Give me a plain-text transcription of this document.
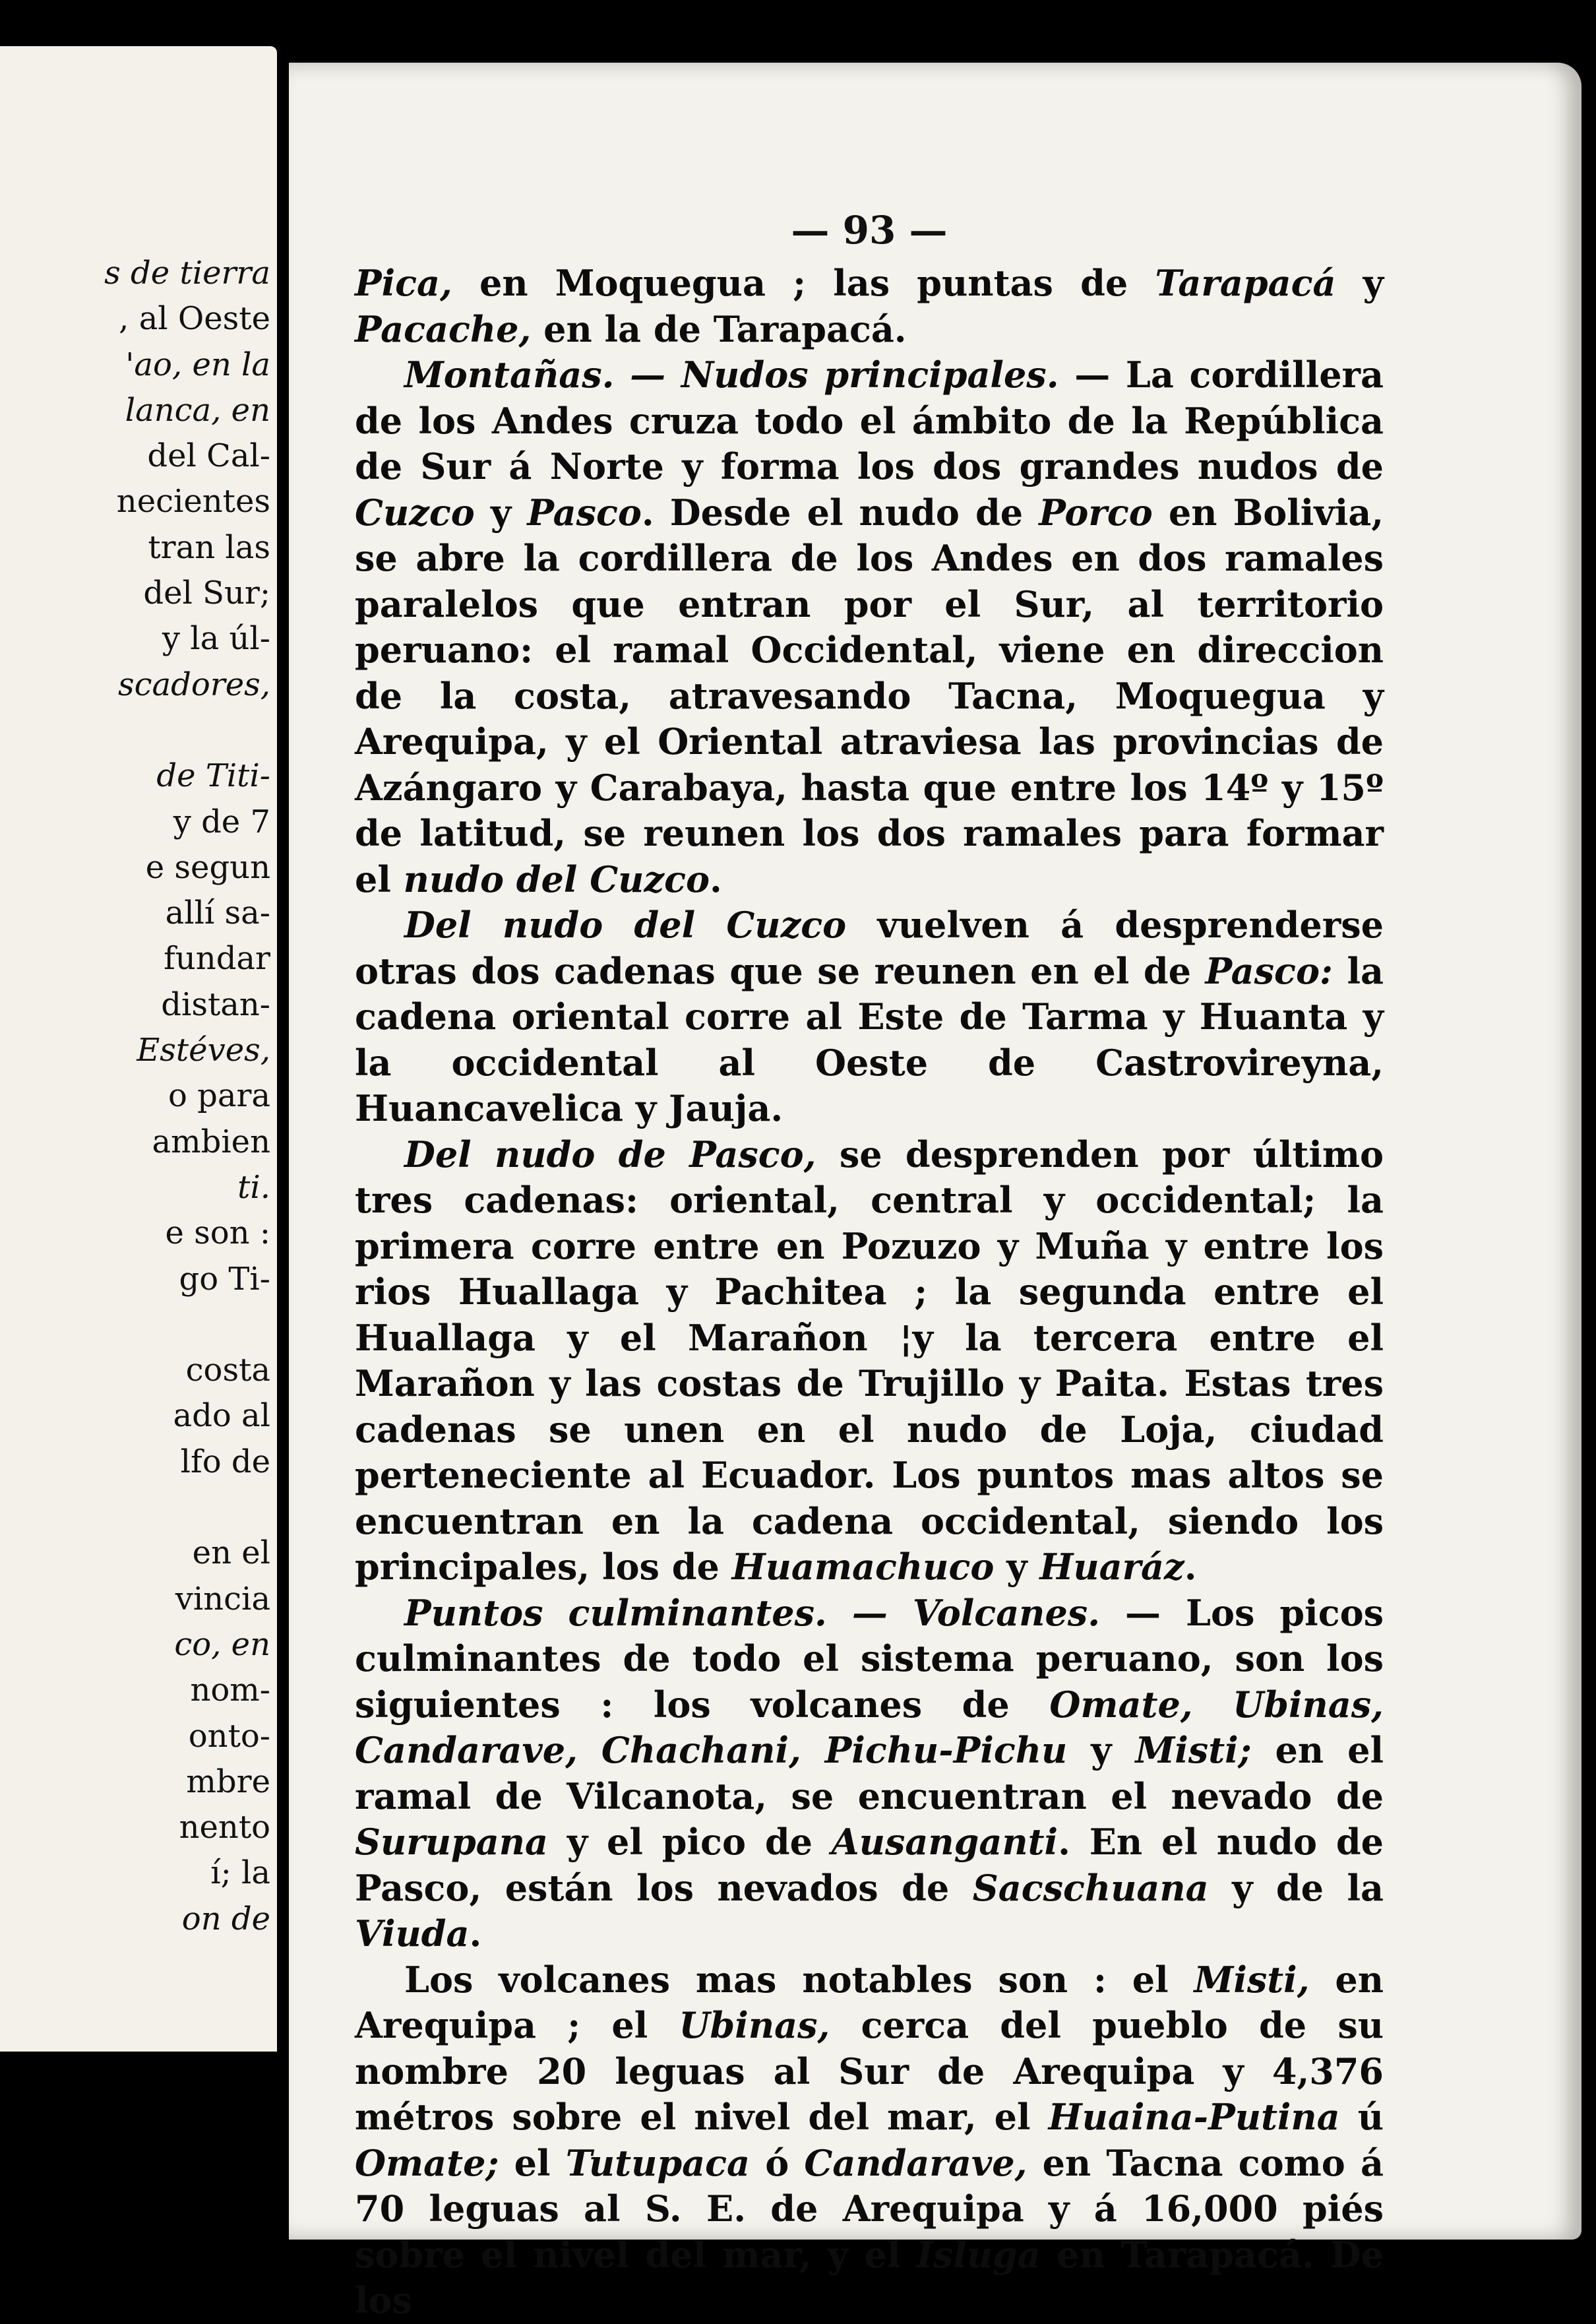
s de tierra
, al Oeste
'ao, en la
lanca, en
del Cal-
necientes
tran las
del Sur;
y la úl-
scadores,
de Titi-
y de 7
e segun
allí sa-
fundar
distan-
Estéves,
o para
ambien
ti.
e son :
go Ti-
costa
ado al
lfo de
en el
vincia
co, en
nom-
onto-
mbre
nento
í; la
on de
— 93 —

Pica, en Moquegua ; las puntas de Tarapacá y Pacache, en la de Tarapacá.

Montañas. — Nudos principales. — La cordillera de los Andes cruza todo el ámbito de la República de Sur á Norte y forma los dos grandes nudos de Cuzco y Pasco. Desde el nudo de Porco en Bolivia, se abre la cordillera de los Andes en dos ramales paralelos que entran por el Sur, al territorio peruano: el ramal Occidental, viene en direccion de la costa, atravesando Tacna, Moquegua y Arequipa, y el Oriental atraviesa las provincias de Azángaro y Carabaya, hasta que entre los 14º y 15º de latitud, se reunen los dos ramales para formar el nudo del Cuzco.

Del nudo del Cuzco vuelven á desprenderse otras dos cadenas que se reunen en el de Pasco: la cadena oriental corre al Este de Tarma y Huanta y la occidental al Oeste de Castrovireyna, Huancavelica y Jauja.

Del nudo de Pasco, se desprenden por último tres cadenas: oriental, central y occidental; la primera corre entre en Pozuzo y Muña y entre los rios Huallaga y Pachitea ; la segunda entre el Huallaga y el Marañon ¦y la tercera entre el Marañon y las costas de Trujillo y Paita. Estas tres cadenas se unen en el nudo de Loja, ciudad perteneciente al Ecuador. Los puntos mas altos se encuentran en la cadena occidental, siendo los principales, los de Huamachuco y Huaráz.

Puntos culminantes. — Volcanes. — Los picos culminantes de todo el sistema peruano, son los siguientes : los volcanes de Omate, Ubinas, Candarave, Chachani, Pichu-Pichu y Misti; en el ramal de Vilcanota, se encuentran el nevado de Surupana y el pico de Ausanganti. En el nudo de Pasco, están los nevados de Sacschuana y de la Viuda.

Los volcanes mas notables son : el Misti, en Arequipa ; el Ubinas, cerca del pueblo de su nombre 20 leguas al Sur de Arequipa y 4,376 métros sobre el nivel del mar, el Huaina-Putina ú Omate; el Tutupaca ó Candarave, en Tacna como á 70 leguas al S. E. de Arequipa y á 16,000 piés sobre el nivel del mar, y el Isluga en Tarapacá. De los
